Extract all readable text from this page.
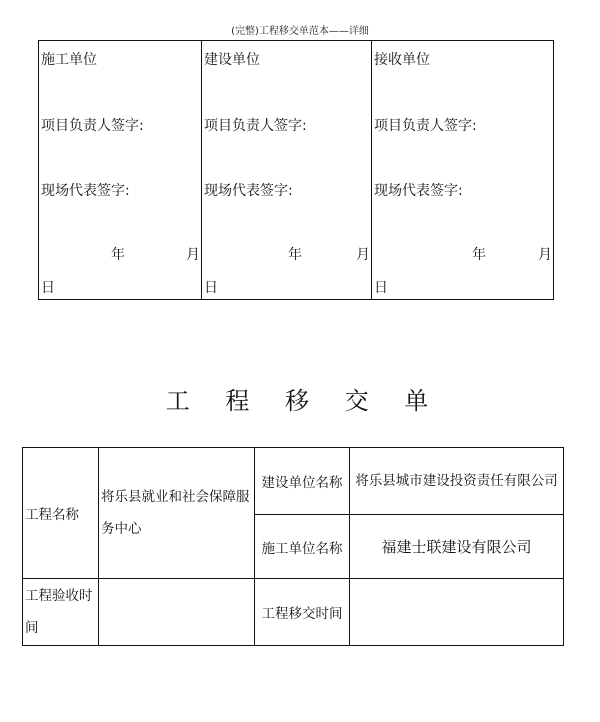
(完整)工程移交单范本——详细
施工单位
项目负责人签字:
现场代表签字:
年	月
日

建设单位
项目负责人签字:
现场代表签字:
年	月
日

接收单位
项目负责人签字:
现场代表签字:
年	月
日
工 程 移 交 单
工程名称	将乐县就业和社会保障服务中心	建设单位名称	将乐县城市建设投资责任有限公司
		施工单位名称	福建士联建设有限公司
工程验收时间		工程移交时间	
